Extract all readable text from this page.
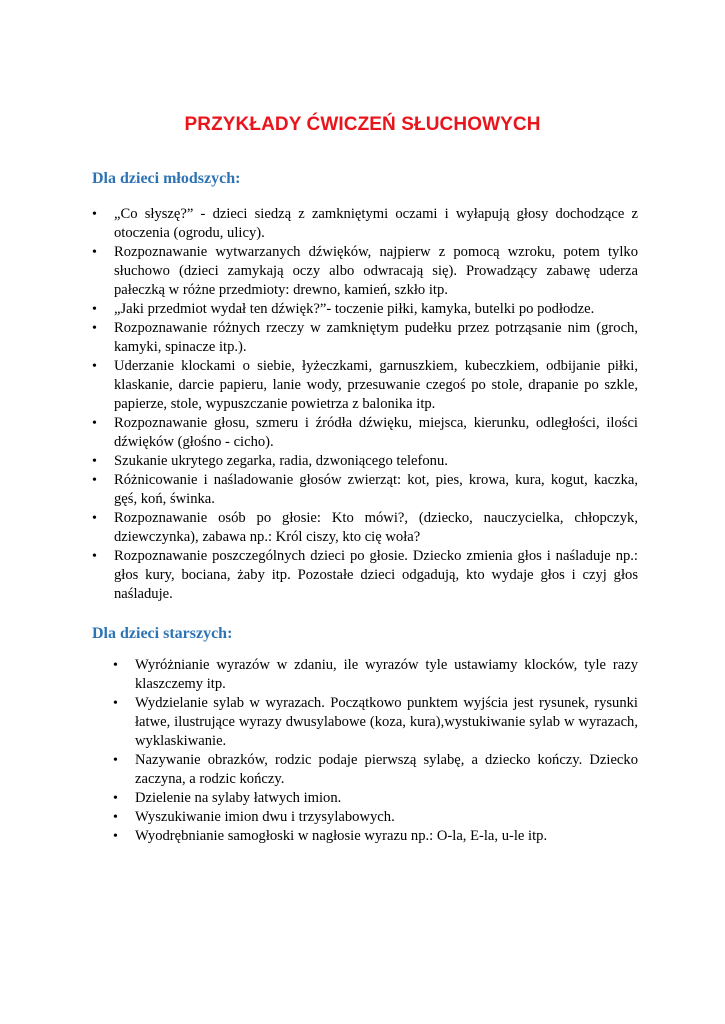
PRZYKŁADY ĆWICZEŃ SŁUCHOWYCH
Dla dzieci młodszych:
• „Co słyszę?” - dzieci siedzą z zamkniętymi oczami i wyłapują głosy dochodzące z otoczenia (ogrodu, ulicy).
• Rozpoznawanie wytwarzanych dźwięków, najpierw z pomocą wzroku, potem tylko słuchowo (dzieci zamykają oczy albo odwracają się). Prowadzący zabawę uderza pałeczką w różne przedmioty: drewno, kamień, szkło itp.
• „Jaki przedmiot wydał ten dźwięk?”- toczenie piłki, kamyka, butelki po podłodze.
• Rozpoznawanie różnych rzeczy w zamkniętym pudełku przez potrząsanie nim (groch, kamyki, spinacze itp.).
• Uderzanie klockami o siebie, łyżeczkami, garnuszkiem, kubeczkiem, odbijanie piłki, klaskanie, darcie papieru, lanie wody, przesuwanie czegoś po stole, drapanie po szkle, papierze, stole, wypuszczanie powietrza z balonika itp.
• Rozpoznawanie głosu, szmeru i źródła dźwięku, miejsca, kierunku, odległości, ilości dźwięków (głośno - cicho).
• Szukanie ukrytego zegarka, radia, dzwoniącego telefonu.
• Różnicowanie i naśladowanie głosów zwierząt: kot, pies, krowa, kura, kogut, kaczka, gęś, koń, świnka.
• Rozpoznawanie osób po głosie: Kto mówi?, (dziecko, nauczycielka, chłopczyk, dziewczynka), zabawa np.: Król ciszy, kto cię woła?
• Rozpoznawanie poszczególnych dzieci po głosie. Dziecko zmienia głos i naśladuje np.: głos kury, bociana, żaby itp. Pozostałe dzieci odgadują, kto wydaje głos i czyj głos naśladuje.
Dla dzieci starszych:
• Wyróżnianie wyrazów w zdaniu, ile wyrazów tyle ustawiamy klocków, tyle razy klaszczemy itp.
• Wydzielanie sylab w wyrazach. Początkowo punktem wyjścia jest rysunek, rysunki łatwe, ilustrujące wyrazy dwusylabowe (koza, kura),wystukiwanie sylab w wyrazach, wyklaskiwanie.
• Nazywanie obrazków, rodzic podaje pierwszą sylabę, a dziecko kończy. Dziecko zaczyna, a rodzic kończy.
• Dzielenie na sylaby łatwych imion.
• Wyszukiwanie imion dwu i trzysylabowych.
• Wyodrębnianie samogłoski w nagłosie wyrazu np.: O-la, E-la, u-le itp.
